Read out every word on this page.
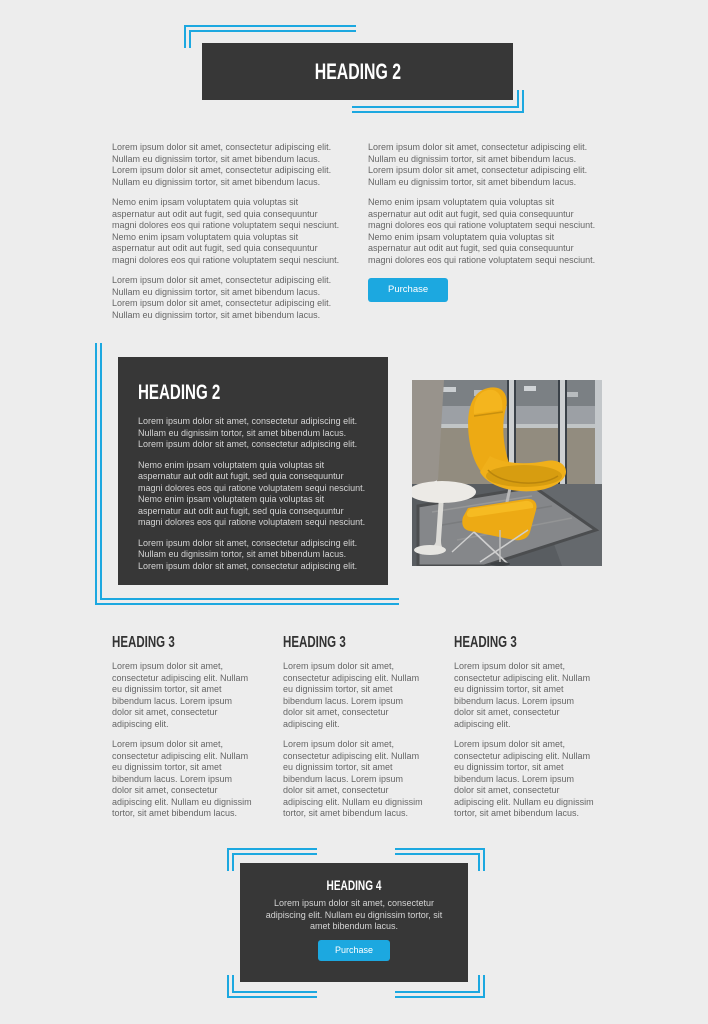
HEADING 2

Lorem ipsum dolor sit amet, consectetur adipiscing elit. Nullam eu dignissim tortor, sit amet bibendum lacus. Lorem ipsum dolor sit amet, consectetur adipiscing elit. Nullam eu dignissim tortor, sit amet bibendum lacus.

Nemo enim ipsam voluptatem quia voluptas sit aspernatur aut odit aut fugit, sed quia consequuntur magni dolores eos qui ratione voluptatem sequi nesciunt. Nemo enim ipsam voluptatem quia voluptas sit aspernatur aut odit aut fugit, sed quia consequuntur magni dolores eos qui ratione voluptatem sequi nesciunt.

Lorem ipsum dolor sit amet, consectetur adipiscing elit. Nullam eu dignissim tortor, sit amet bibendum lacus. Lorem ipsum dolor sit amet, consectetur adipiscing elit. Nullam eu dignissim tortor, sit amet bibendum lacus.

Lorem ipsum dolor sit amet, consectetur adipiscing elit. Nullam eu dignissim tortor, sit amet bibendum lacus. Lorem ipsum dolor sit amet, consectetur adipiscing elit. Nullam eu dignissim tortor, sit amet bibendum lacus.

Nemo enim ipsam voluptatem quia voluptas sit aspernatur aut odit aut fugit, sed quia consequuntur magni dolores eos qui ratione voluptatem sequi nesciunt. Nemo enim ipsam voluptatem quia voluptas sit aspernatur aut odit aut fugit, sed quia consequuntur magni dolores eos qui ratione voluptatem sequi nesciunt.

Purchase
HEADING 2

Lorem ipsum dolor sit amet, consectetur adipiscing elit. Nullam eu dignissim tortor, sit amet bibendum lacus. Lorem ipsum dolor sit amet, consectetur adipiscing elit.

Nemo enim ipsam voluptatem quia voluptas sit aspernatur aut odit aut fugit, sed quia consequuntur magni dolores eos qui ratione voluptatem sequi nesciunt. Nemo enim ipsam voluptatem quia voluptas sit aspernatur aut odit aut fugit, sed quia consequuntur magni dolores eos qui ratione voluptatem sequi nesciunt.

Lorem ipsum dolor sit amet, consectetur adipiscing elit. Nullam eu dignissim tortor, sit amet bibendum lacus. Lorem ipsum dolor sit amet, consectetur adipiscing elit.

HEADING 3

Lorem ipsum dolor sit amet, consectetur adipiscing elit. Nullam eu dignissim tortor, sit amet bibendum lacus. Lorem ipsum dolor sit amet, consectetur adipiscing elit.

Lorem ipsum dolor sit amet, consectetur adipiscing elit. Nullam eu dignissim tortor, sit amet bibendum lacus. Lorem ipsum dolor sit amet, consectetur adipiscing elit. Nullam eu dignissim tortor, sit amet bibendum lacus.

HEADING 3

Lorem ipsum dolor sit amet, consectetur adipiscing elit. Nullam eu dignissim tortor, sit amet bibendum lacus. Lorem ipsum dolor sit amet, consectetur adipiscing elit.

Lorem ipsum dolor sit amet, consectetur adipiscing elit. Nullam eu dignissim tortor, sit amet bibendum lacus. Lorem ipsum dolor sit amet, consectetur adipiscing elit. Nullam eu dignissim tortor, sit amet bibendum lacus.

HEADING 3

Lorem ipsum dolor sit amet, consectetur adipiscing elit. Nullam eu dignissim tortor, sit amet bibendum lacus. Lorem ipsum dolor sit amet, consectetur adipiscing elit.

Lorem ipsum dolor sit amet, consectetur adipiscing elit. Nullam eu dignissim tortor, sit amet bibendum lacus. Lorem ipsum dolor sit amet, consectetur adipiscing elit. Nullam eu dignissim tortor, sit amet bibendum lacus.

HEADING 4

Lorem ipsum dolor sit amet, consectetur adipiscing elit. Nullam eu dignissim tortor, sit amet bibendum lacus.

Purchase
